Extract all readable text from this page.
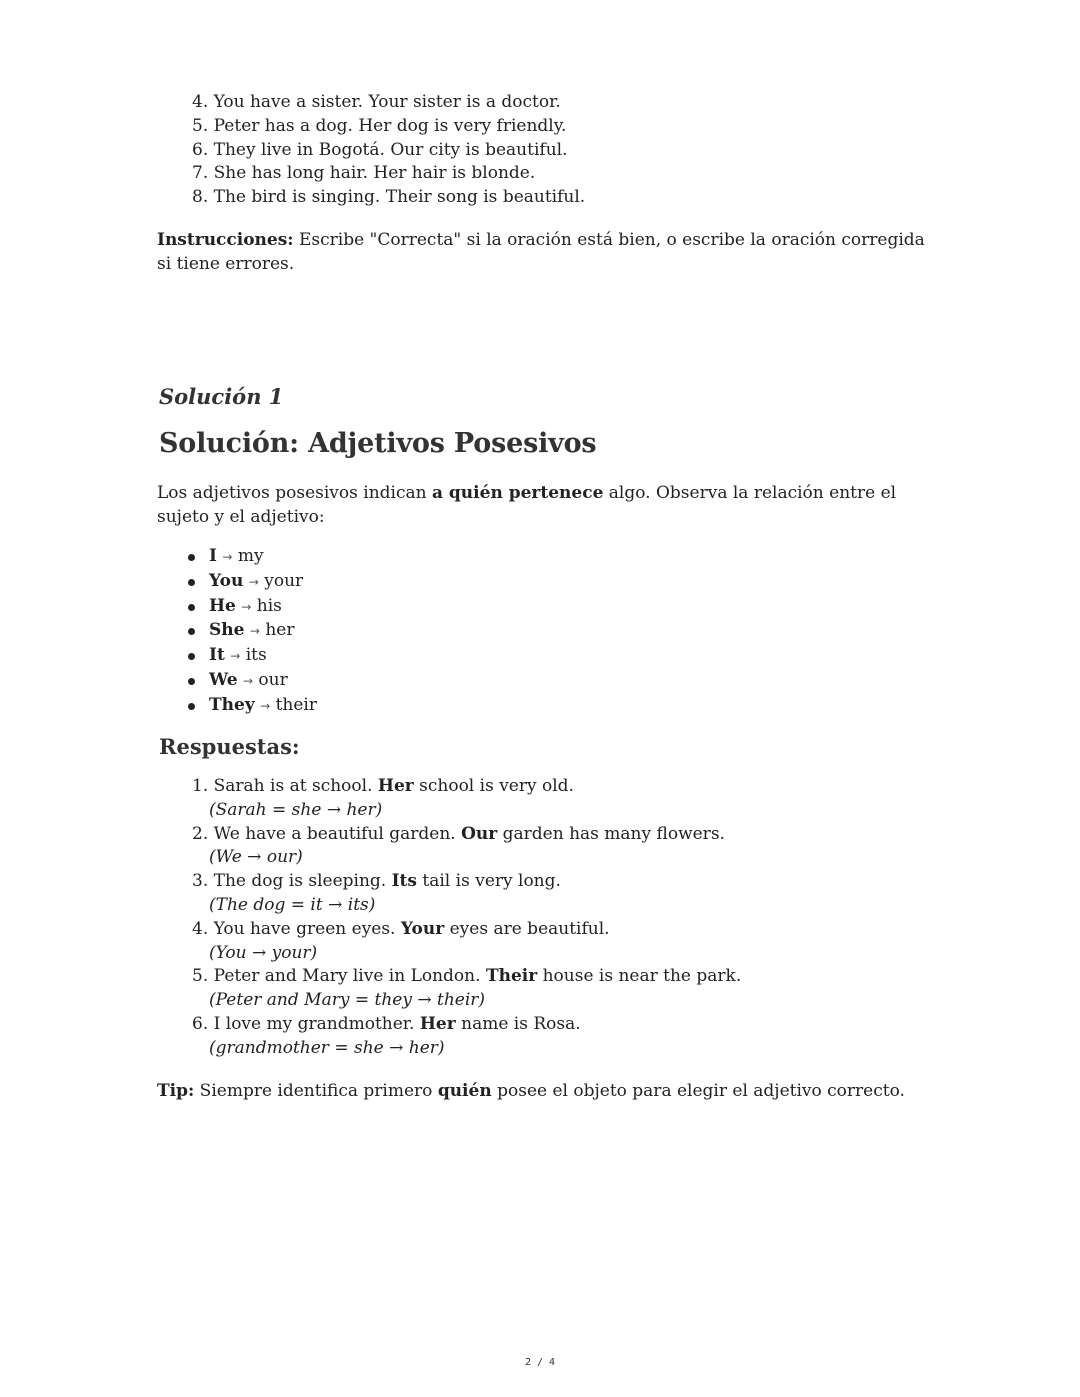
4. You have a sister. Your sister is a doctor.
5. Peter has a dog. Her dog is very friendly.
6. They live in Bogotá. Our city is beautiful.
7. She has long hair. Her hair is blonde.
8. The bird is singing. Their song is beautiful.

Instrucciones: Escribe "Correcta" si la oración está bien, o escribe la oración corregida si tiene errores.

Solución 1
Solución: Adjetivos Posesivos

Los adjetivos posesivos indican a quién pertenece algo. Observa la relación entre el sujeto y el adjetivo:

I → my
You → your
He → his
She → her
It → its
We → our
They → their
Respuestas:
1. Sarah is at school. Her school is very old.
(Sarah = she → her)
2. We have a beautiful garden. Our garden has many flowers.
(We → our)
3. The dog is sleeping. Its tail is very long.
(The dog = it → its)
4. You have green eyes. Your eyes are beautiful.
(You → your)
5. Peter and Mary live in London. Their house is near the park.
(Peter and Mary = they → their)
6. I love my grandmother. Her name is Rosa.
(grandmother = she → her)

Tip: Siempre identifica primero quién posee el objeto para elegir el adjetivo correcto.

2 / 4
